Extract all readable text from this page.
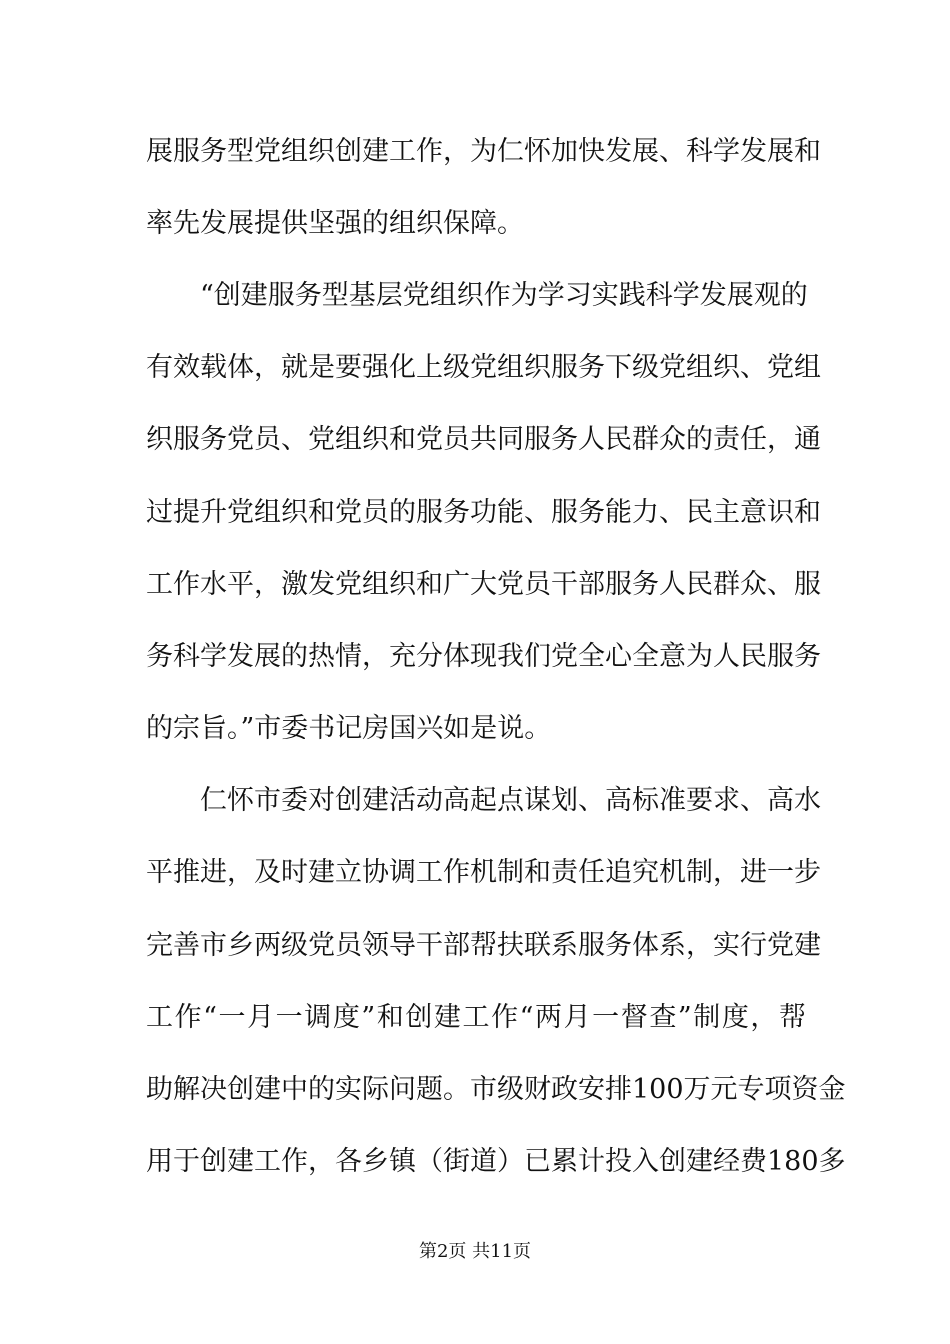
展服务型党组织创建工作，为仁怀加快发展、科学发展和
率先发展提供坚强的组织保障。
“创建服务型基层党组织作为学习实践科学发展观的
有效载体，就是要强化上级党组织服务下级党组织、党组
织服务党员、党组织和党员共同服务人民群众的责任，通
过提升党组织和党员的服务功能、服务能力、民主意识和
工作水平，激发党组织和广大党员干部服务人民群众、服
务科学发展的热情，充分体现我们党全心全意为人民服务
的宗旨。”市委书记房国兴如是说。
仁怀市委对创建活动高起点谋划、高标准要求、高水
平推进，及时建立协调工作机制和责任追究机制，进一步
完善市乡两级党员领导干部帮扶联系服务体系，实行党建
工作“一月一调度”和创建工作“两月一督查”制度，帮
助解决创建中的实际问题。市级财政安排100万元专项资金
用于创建工作，各乡镇（街道）已累计投入创建经费180多
第2页 共11页
